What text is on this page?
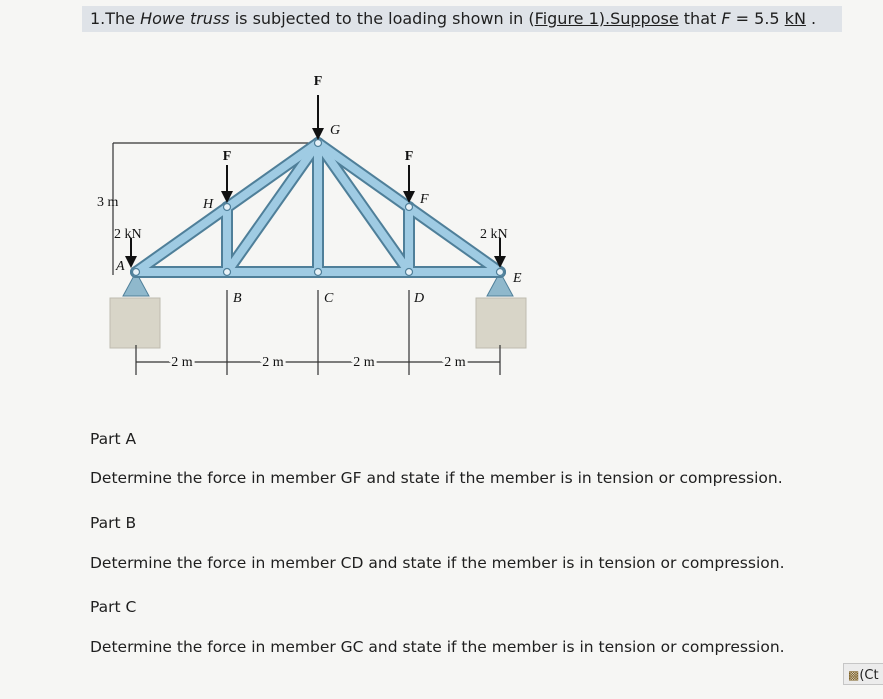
1.The Howe truss is subjected to the loading shown in (Figure 1).Suppose that F = 5.5 kN .
F
F	F
2 kN	2 kN
3 m
A
B	C	D
E
F
G
H
2 m	2 m	2 m	2 m
Part A
Determine the force in member GF and state if the member is in tension or compression.
Part B
Determine the force in member CD and state if the member is in tension or compression.
Part C
Determine the force in member GC and state if the member is in tension or compression.
▩(Ct
